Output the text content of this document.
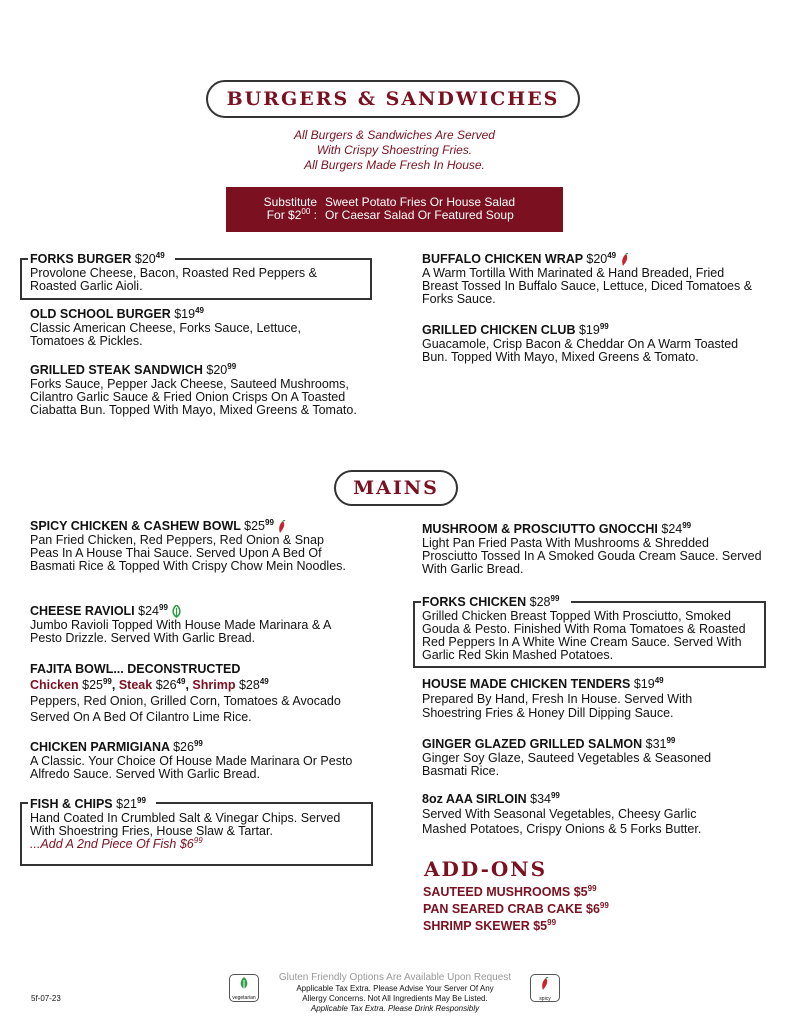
BURGERS & SANDWICHES
All Burgers & Sandwiches Are Served
With Crispy Shoestring Fries.
All Burgers Made Fresh In House.
Substitute
For $\$2^{00}$ :
Sweet Potato Fries Or House Salad
Or Caesar Salad Or Featured Soup
FORKS BURGER $\$20^{49}$
Provolone Cheese, Bacon, Roasted Red Peppers & Roasted Garlic Aioli.
OLD SCHOOL BURGER $\$19^{49}$
Classic American Cheese, Forks Sauce, Lettuce, Tomatoes & Pickles.
GRILLED STEAK SANDWICH $\$20^{99}$
Forks Sauce, Pepper Jack Cheese, Sauteed Mushrooms, Cilantro Garlic Sauce & Fried Onion Crisps On A Toasted Ciabatta Bun. Topped With Mayo, Mixed Greens & Tomato.
BUFFALO CHICKEN WRAP $\$20^{49}$
A Warm Tortilla With Marinated & Hand Breaded, Fried Breast Tossed In Buffalo Sauce, Lettuce, Diced Tomatoes & Forks Sauce.
GRILLED CHICKEN CLUB $\$19^{99}$
Guacamole, Crisp Bacon & Cheddar On A Warm Toasted Bun. Topped With Mayo, Mixed Greens & Tomato.
MAINS
SPICY CHICKEN & CASHEW BOWL $\$25^{99}$
Pan Fried Chicken, Red Peppers, Red Onion & Snap Peas In A House Thai Sauce. Served Upon A Bed Of Basmati Rice & Topped With Crispy Chow Mein Noodles.
CHEESE RAVIOLI $\$24^{99}$
Jumbo Ravioli Topped With House Made Marinara & A Pesto Drizzle. Served With Garlic Bread.
FAJITA BOWL... DECONSTRUCTED
Chicken $\$25^{99}$, Steak $\$26^{49}$, Shrimp $\$28^{49}$
Peppers, Red Onion, Grilled Corn, Tomatoes & Avocado Served On A Bed Of Cilantro Lime Rice.
CHICKEN PARMIGIANA $\$26^{99}$
A Classic. Your Choice Of House Made Marinara Or Pesto Alfredo Sauce. Served With Garlic Bread.
FISH & CHIPS $\$21^{99}$
Hand Coated In Crumbled Salt & Vinegar Chips. Served With Shoestring Fries, House Slaw & Tartar.
...Add A 2nd Piece Of Fish $\$6^{99}$
MUSHROOM & PROSCIUTTO GNOCCHI $\$24^{99}$
Light Pan Fried Pasta With Mushrooms & Shredded Prosciutto Tossed In A Smoked Gouda Cream Sauce. Served With Garlic Bread.
FORKS CHICKEN $\$28^{99}$
Grilled Chicken Breast Topped With Prosciutto, Smoked Gouda & Pesto. Finished With Roma Tomatoes & Roasted Red Peppers In A White Wine Cream Sauce. Served With Garlic Red Skin Mashed Potatoes.
HOUSE MADE CHICKEN TENDERS $\$19^{49}$
Prepared By Hand, Fresh In House. Served With Shoestring Fries & Honey Dill Dipping Sauce.
GINGER GLAZED GRILLED SALMON $\$31^{99}$
Ginger Soy Glaze, Sauteed Vegetables & Seasoned Basmati Rice.
8oz AAA SIRLOIN $\$34^{99}$
Served With Seasonal Vegetables, Cheesy Garlic Mashed Potatoes, Crispy Onions & 5 Forks Butter.
ADD-ONS
SAUTEED MUSHROOMS $\$5^{99}$
PAN SEARED CRAB CAKE $\$6^{99}$
SHRIMP SKEWER $\$5^{99}$
vegetarian
Gluten Friendly Options Are Available Upon Request
Applicable Tax Extra. Please Advise Your Server Of Any
Allergy Concerns. Not All Ingredients May Be Listed.
Applicable Tax Extra. Please Drink Responsibly
spicy
5f-07-23
